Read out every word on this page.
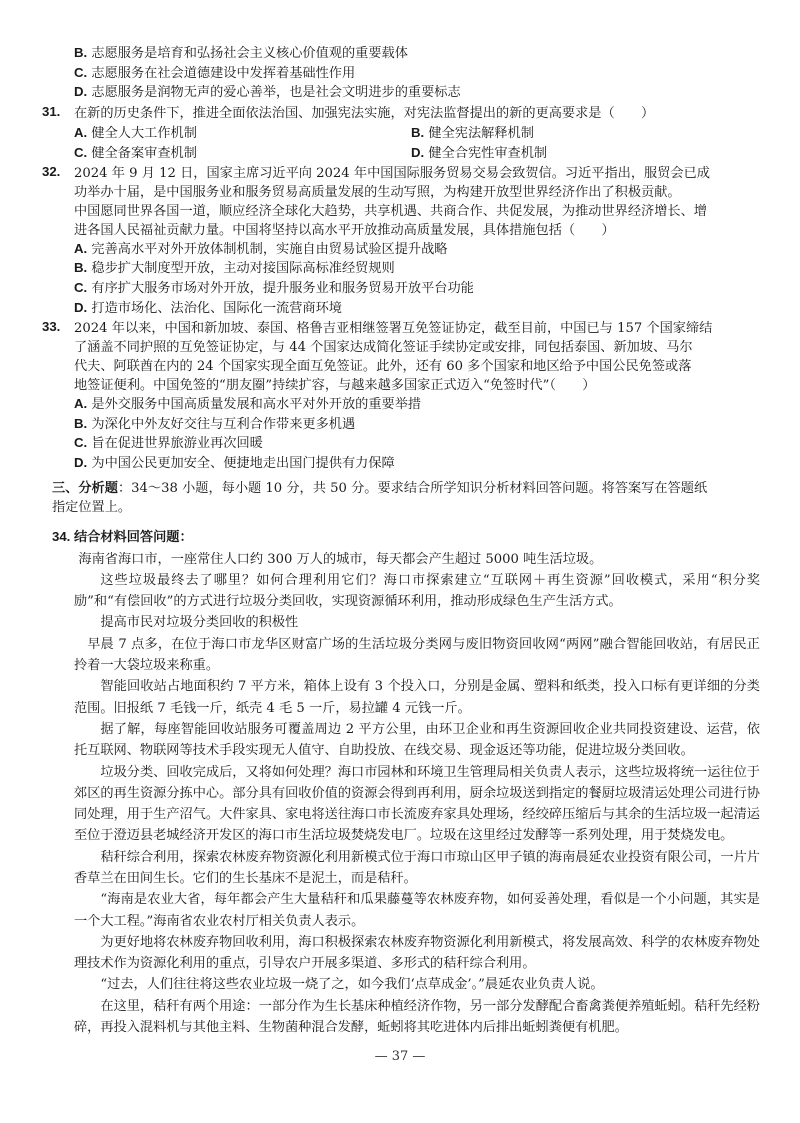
B. 志愿服务是培育和弘扬社会主义核心价值观的重要载体
C. 志愿服务在社会道德建设中发挥着基础性作用
D. 志愿服务是润物无声的爱心善举，也是社会文明进步的重要标志
31. 在新的历史条件下，推进全面依法治国、加强宪法实施，对宪法监督提出的新的更高要求是（　　）
A. 健全人大工作机制	B. 健全宪法解释机制
C. 健全备案审查机制	D. 健全合宪性审查机制
32. 2024 年 9 月 12 日，国家主席习近平向 2024 年中国国际服务贸易交易会致贺信。习近平指出，服贸会已成
功举办十届，是中国服务业和服务贸易高质量发展的生动写照，为构建开放型世界经济作出了积极贡献。
中国愿同世界各国一道，顺应经济全球化大趋势，共享机遇、共商合作、共促发展，为推动世界经济增长、增
进各国人民福祉贡献力量。中国将坚持以高水平开放推动高质量发展，具体措施包括（　　）
A. 完善高水平对外开放体制机制，实施自由贸易试验区提升战略
B. 稳步扩大制度型开放，主动对接国际高标准经贸规则
C. 有序扩大服务市场对外开放，提升服务业和服务贸易开放平台功能
D. 打造市场化、法治化、国际化一流营商环境
33. 2024 年以来，中国和新加坡、泰国、格鲁吉亚相继签署互免签证协定，截至目前，中国已与 157 个国家缔结
了涵盖不同护照的互免签证协定，与 44 个国家达成简化签证手续协定或安排，同包括泰国、新加坡、马尔
代夫、阿联酋在内的 24 个国家实现全面互免签证。此外，还有 60 多个国家和地区给予中国公民免签或落
地签证便利。中国免签的“朋友圈”持续扩容，与越来越多国家正式迈入“免签时代”（　　）
A. 是外交服务中国高质量发展和高水平对外开放的重要举措
B. 为深化中外友好交往与互利合作带来更多机遇
C. 旨在促进世界旅游业再次回暖
D. 为中国公民更加安全、便捷地走出国门提供有力保障
三、分析题：34～38 小题，每小题 10 分，共 50 分。要求结合所学知识分析材料回答问题。将答案写在答题纸
指定位置上。
34. 结合材料回答问题：

海南省海口市，一座常住人口约 300 万人的城市，每天都会产生超过 5000 吨生活垃圾。

这些垃圾最终去了哪里？如何合理利用它们？海口市探索建立“互联网＋再生资源”回收模式，采用“积分奖励”和“有偿回收”的方式进行垃圾分类回收，实现资源循环利用，推动形成绿色生产生活方式。

提高市民对垃圾分类回收的积极性

早晨 7 点多，在位于海口市龙华区财富广场的生活垃圾分类网与废旧物资回收网“两网”融合智能回收站，有居民正拎着一大袋垃圾来称重。

智能回收站占地面积约 7 平方米，箱体上设有 3 个投入口，分别是金属、塑料和纸类，投入口标有更详细的分类范围。旧报纸 7 毛钱一斤，纸壳 4 毛 5 一斤，易拉罐 4 元钱一斤。

据了解，每座智能回收站服务可覆盖周边 2 平方公里，由环卫企业和再生资源回收企业共同投资建设、运营，依托互联网、物联网等技术手段实现无人值守、自助投放、在线交易、现金返还等功能，促进垃圾分类回收。

垃圾分类、回收完成后，又将如何处理？海口市园林和环境卫生管理局相关负责人表示，这些垃圾将统一运往位于郊区的再生资源分拣中心。部分具有回收价值的资源会得到再利用，厨余垃圾送到指定的餐厨垃圾清运处理公司进行协同处理，用于生产沼气。大件家具、家电将送往海口市长流废弃家具处理场，经绞碎压缩后与其余的生活垃圾一起清运至位于澄迈县老城经济开发区的海口市生活垃圾焚烧发电厂。垃圾在这里经过发酵等一系列处理，用于焚烧发电。

秸秆综合利用，探索农林废弃物资源化利用新模式位于海口市琼山区甲子镇的海南晨延农业投资有限公司，一片片香草兰在田间生长。它们的生长基床不是泥土，而是秸秆。

“海南是农业大省，每年都会产生大量秸秆和瓜果藤蔓等农林废弃物，如何妥善处理，看似是一个小问题，其实是一个大工程。”海南省农业农村厅相关负责人表示。

为更好地将农林废弃物回收利用，海口积极探索农林废弃物资源化利用新模式，将发展高效、科学的农林废弃物处理技术作为资源化利用的重点，引导农户开展多渠道、多形式的秸秆综合利用。

“过去，人们往往将这些农业垃圾一烧了之，如今我们‘点草成金’。”晨延农业负责人说。

在这里，秸秆有两个用途：一部分作为生长基床种植经济作物，另一部分发酵配合畜禽粪便养殖蚯蚓。秸秆先经粉碎，再投入混料机与其他主料、生物菌种混合发酵，蚯蚓将其吃进体内后排出蚯蚓粪便有机肥。

— 37 —
